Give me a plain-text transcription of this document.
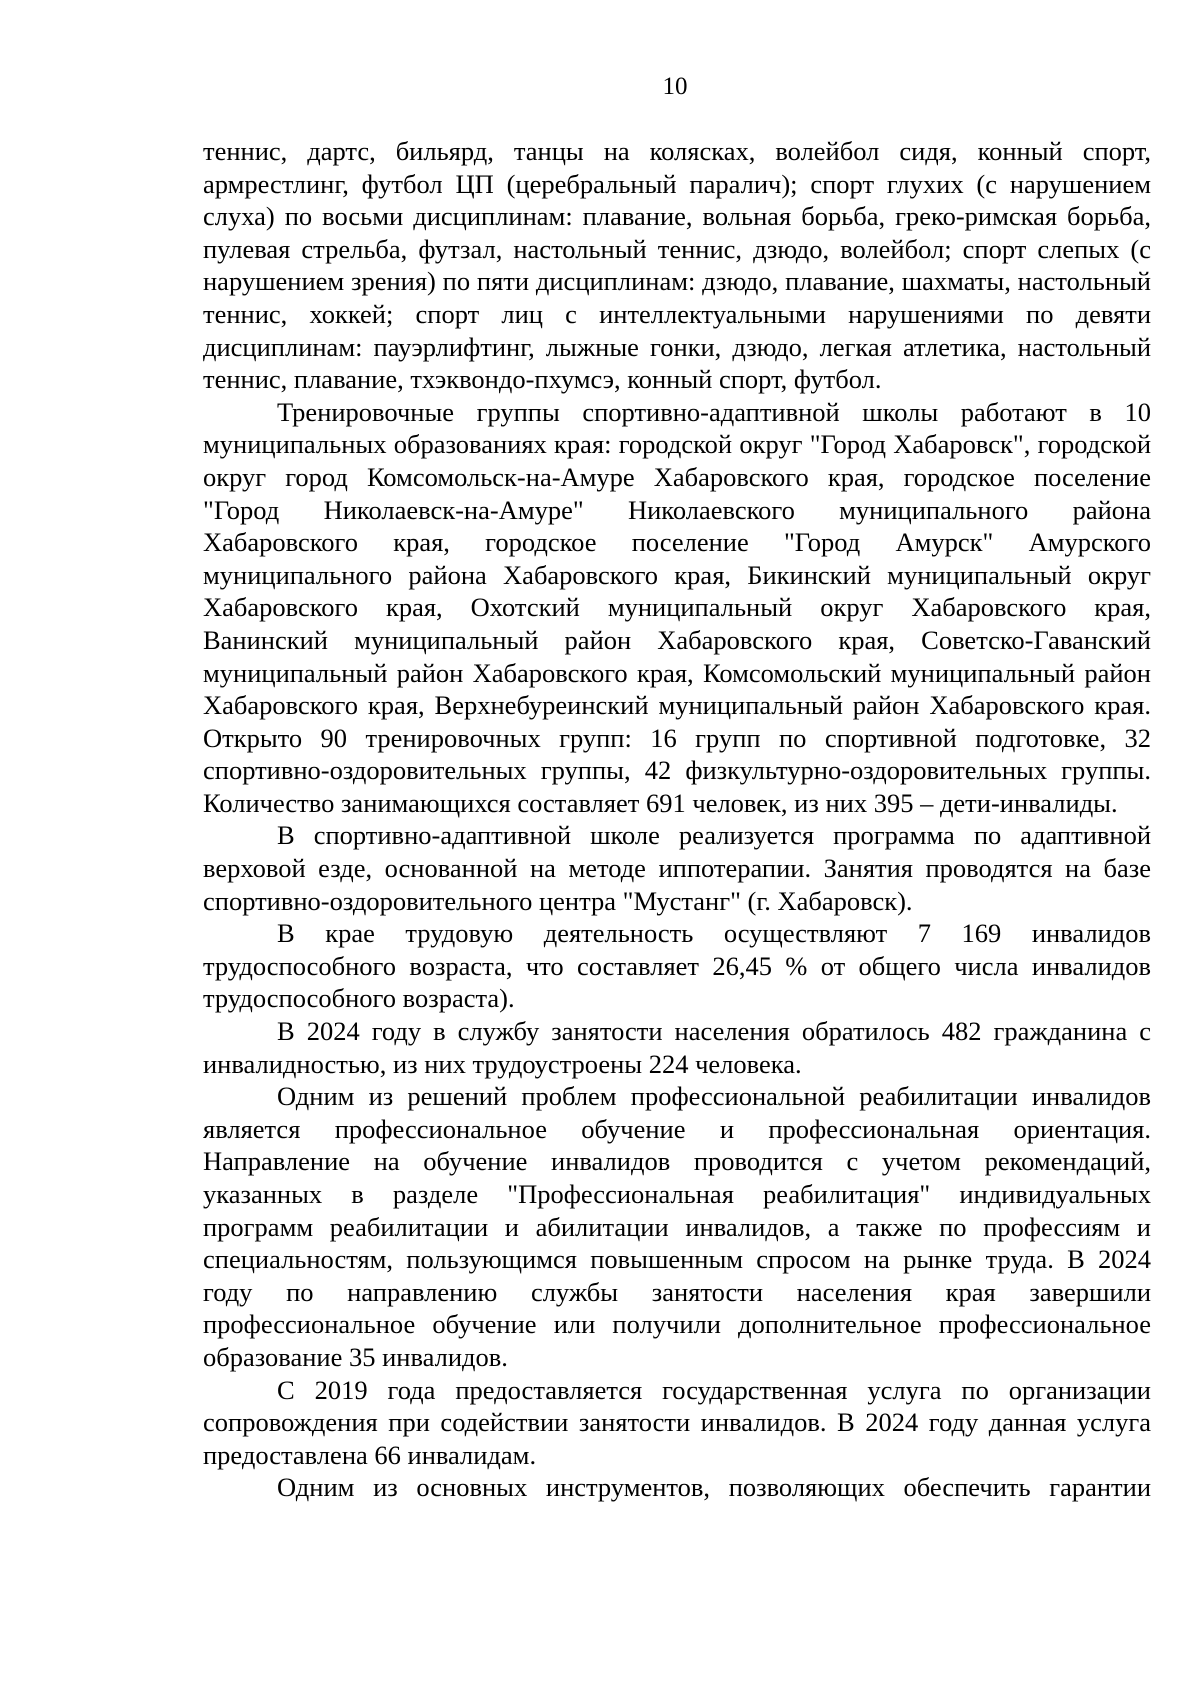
10

теннис, дартс, бильярд, танцы на колясках, волейбол сидя, конный спорт, армрестлинг, футбол ЦП (церебральный паралич); спорт глухих (с нарушением слуха) по восьми дисциплинам: плавание, вольная борьба, греко-римская борьба, пулевая стрельба, футзал, настольный теннис, дзюдо, волейбол; спорт слепых (с нарушением зрения) по пяти дисциплинам: дзюдо, плавание, шахматы, настольный теннис, хоккей; спорт лиц с интеллектуальными нарушениями по девяти дисциплинам: пауэрлифтинг, лыжные гонки, дзюдо, легкая атлетика, настольный теннис, плавание, тхэквондо-пхумсэ, конный спорт, футбол.

Тренировочные группы спортивно-адаптивной школы работают в 10 муниципальных образованиях края: городской округ "Город Хабаровск", городской округ город Комсомольск-на-Амуре Хабаровского края, городское поселение "Город Николаевск-на-Амуре" Николаевского муниципального района Хабаровского края, городское поселение "Город Амурск" Амурского муниципального района Хабаровского края, Бикинский муниципальный округ Хабаровского края, Охотский муниципальный округ Хабаровского края, Ванинский муниципальный район Хабаровского края, Советско-Гаванский муниципальный район Хабаровского края, Комсомольский муниципальный район Хабаровского края, Верхнебуреинский муниципальный район Хабаровского края. Открыто 90 тренировочных групп: 16 групп по спортивной подготовке, 32 спортивно-оздоровительных группы, 42 физкультурно-оздоровительных группы. Количество занимающихся составляет 691 человек, из них 395 – дети-инвалиды.

В спортивно-адаптивной школе реализуется программа по адаптивной верховой езде, основанной на методе иппотерапии. Занятия проводятся на базе спортивно-оздоровительного центра "Мустанг" (г. Хабаровск).

В крае трудовую деятельность осуществляют 7 169 инвалидов трудоспособного возраста, что составляет 26,45 % от общего числа инвалидов трудоспособного возраста).

В 2024 году в службу занятости населения обратилось 482 гражданина с инвалидностью, из них трудоустроены 224 человека.

Одним из решений проблем профессиональной реабилитации инвалидов является профессиональное обучение и профессиональная ориентация. Направление на обучение инвалидов проводится с учетом рекомендаций, указанных в разделе "Профессиональная реабилитация" индивидуальных программ реабилитации и абилитации инвалидов, а также по профессиям и специальностям, пользующимся повышенным спросом на рынке труда. В 2024 году по направлению службы занятости населения края завершили профессиональное обучение или получили дополнительное профессиональное образование 35 инвалидов.

С 2019 года предоставляется государственная услуга по организации сопровождения при содействии занятости инвалидов. В 2024 году данная услуга предоставлена 66 инвалидам.

Одним из основных инструментов, позволяющих обеспечить гарантии
